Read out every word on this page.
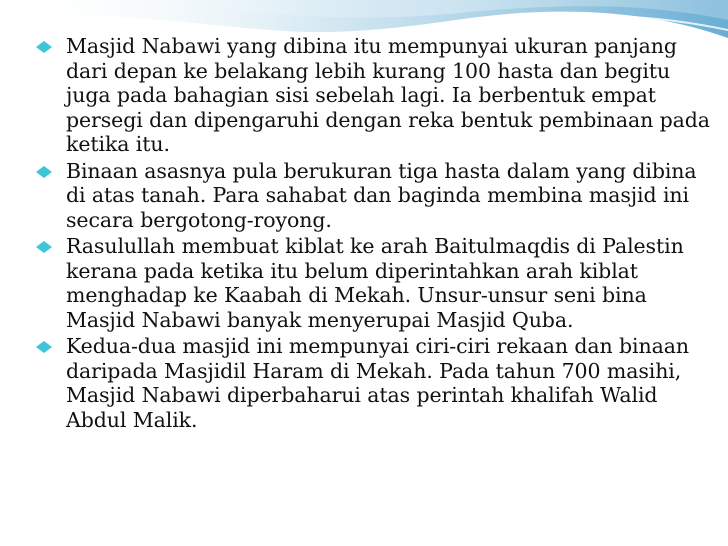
Masjid Nabawi yang dibina itu mempunyai ukuran panjang dari depan ke belakang lebih kurang 100 hasta dan begitu juga pada bahagian sisi sebelah lagi. Ia berbentuk empat persegi dan dipengaruhi dengan reka bentuk pembinaan pada ketika itu.
Binaan asasnya pula berukuran tiga hasta dalam yang dibina di atas tanah. Para sahabat dan baginda membina masjid ini secara bergotong-royong.
Rasulullah membuat kiblat ke arah Baitulmaqdis di Palestin kerana pada ketika itu belum diperintahkan arah kiblat menghadap ke Kaabah di Mekah. Unsur-unsur seni bina Masjid Nabawi banyak menyerupai Masjid Quba.
Kedua-dua masjid ini mempunyai ciri-ciri rekaan dan binaan daripada Masjidil Haram di Mekah. Pada tahun 700 masihi, Masjid Nabawi diperbaharui atas perintah khalifah Walid Abdul Malik.
